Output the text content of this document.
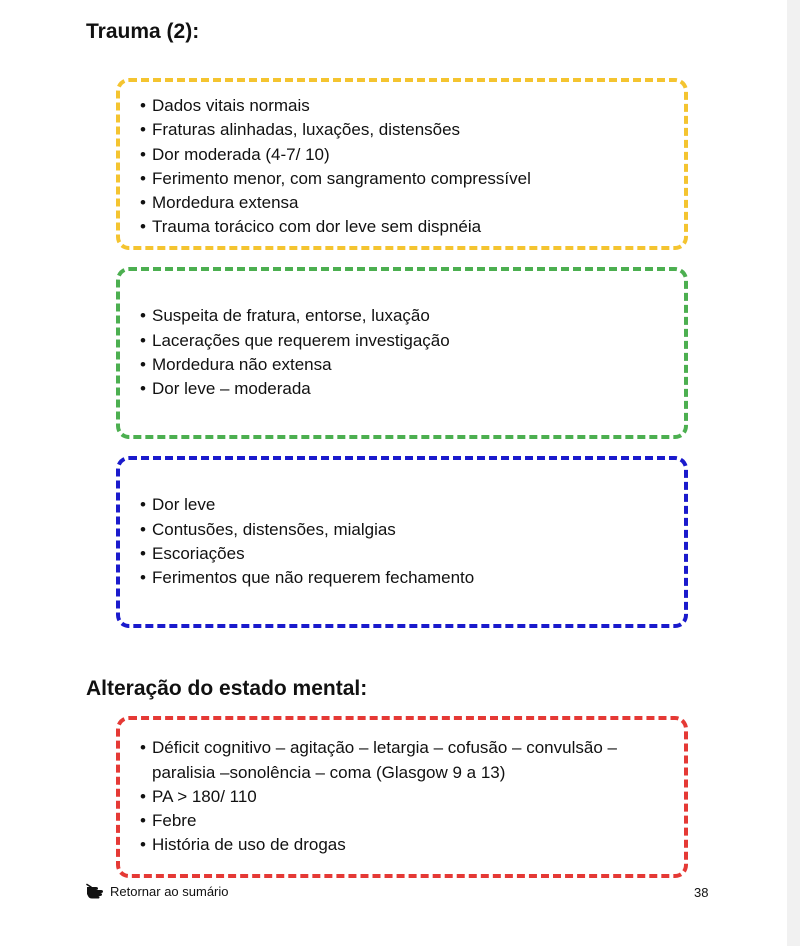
Trauma (2):
• Dados vitais normais
• Fraturas alinhadas, luxações, distensões
• Dor moderada (4-7/ 10)
• Ferimento menor, com sangramento compressível
• Mordedura extensa
• Trauma torácico com dor leve sem dispnéia
• Suspeita de fratura, entorse, luxação
• Lacerações que requerem investigação
• Mordedura não extensa
• Dor leve – moderada
• Dor leve
• Contusões, distensões, mialgias
• Escoriações
• Ferimentos que não requerem fechamento
Alteração do estado mental:
• Déficit cognitivo – agitação – letargia – cofusão – convulsão – paralisia –sonolência – coma (Glasgow 9 a 13)
• PA > 180/ 110
• Febre
• História de uso de drogas
Retornar ao sumário	38
